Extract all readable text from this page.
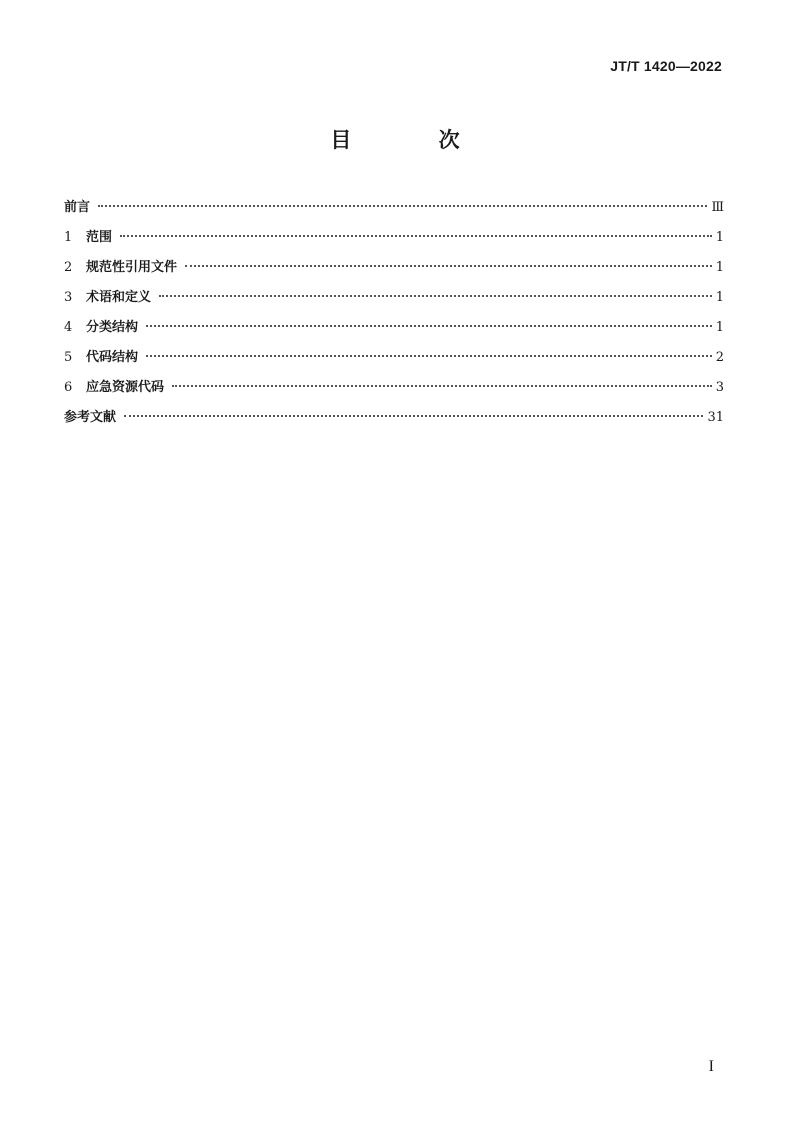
JT/T 1420—2022
目 次
前言	Ⅲ
1	范围	1
2	规范性引用文件	1
3	术语和定义	1
4	分类结构	1
5	代码结构	2
6	应急资源代码	3
参考文献	31
I
